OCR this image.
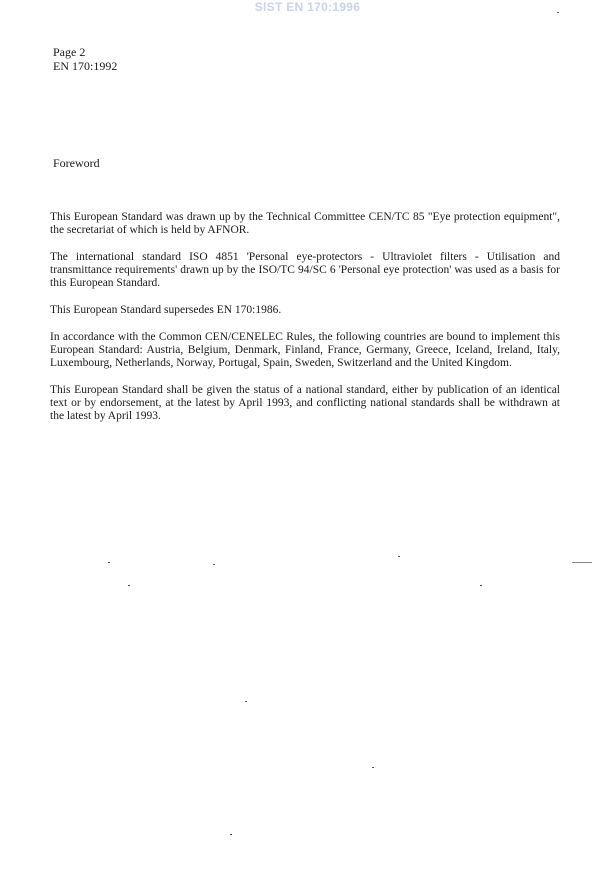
SIST EN 170:1996
Page 2
EN 170:1992
Foreword

This European Standard was drawn up by the Technical Committee CEN/TC 85 "Eye protection equipment", the secretariat of which is held by AFNOR.

The international standard ISO 4851 'Personal eye-protectors - Ultraviolet filters - Utilisation and transmittance requirements' drawn up by the ISO/TC 94/SC 6 'Personal eye protection' was used as a basis for this European Standard.

This European Standard supersedes EN 170:1986.

In accordance with the Common CEN/CENELEC Rules, the following countries are bound to implement this European Standard: Austria, Belgium, Denmark, Finland, France, Germany, Greece, Iceland, Ireland, Italy, Luxembourg, Netherlands, Norway, Portugal, Spain, Sweden, Switzerland and the United Kingdom.

This European Standard shall be given the status of a national standard, either by publication of an identical text or by endorsement, at the latest by April 1993, and conflicting national standards shall be withdrawn at the latest by April 1993.
